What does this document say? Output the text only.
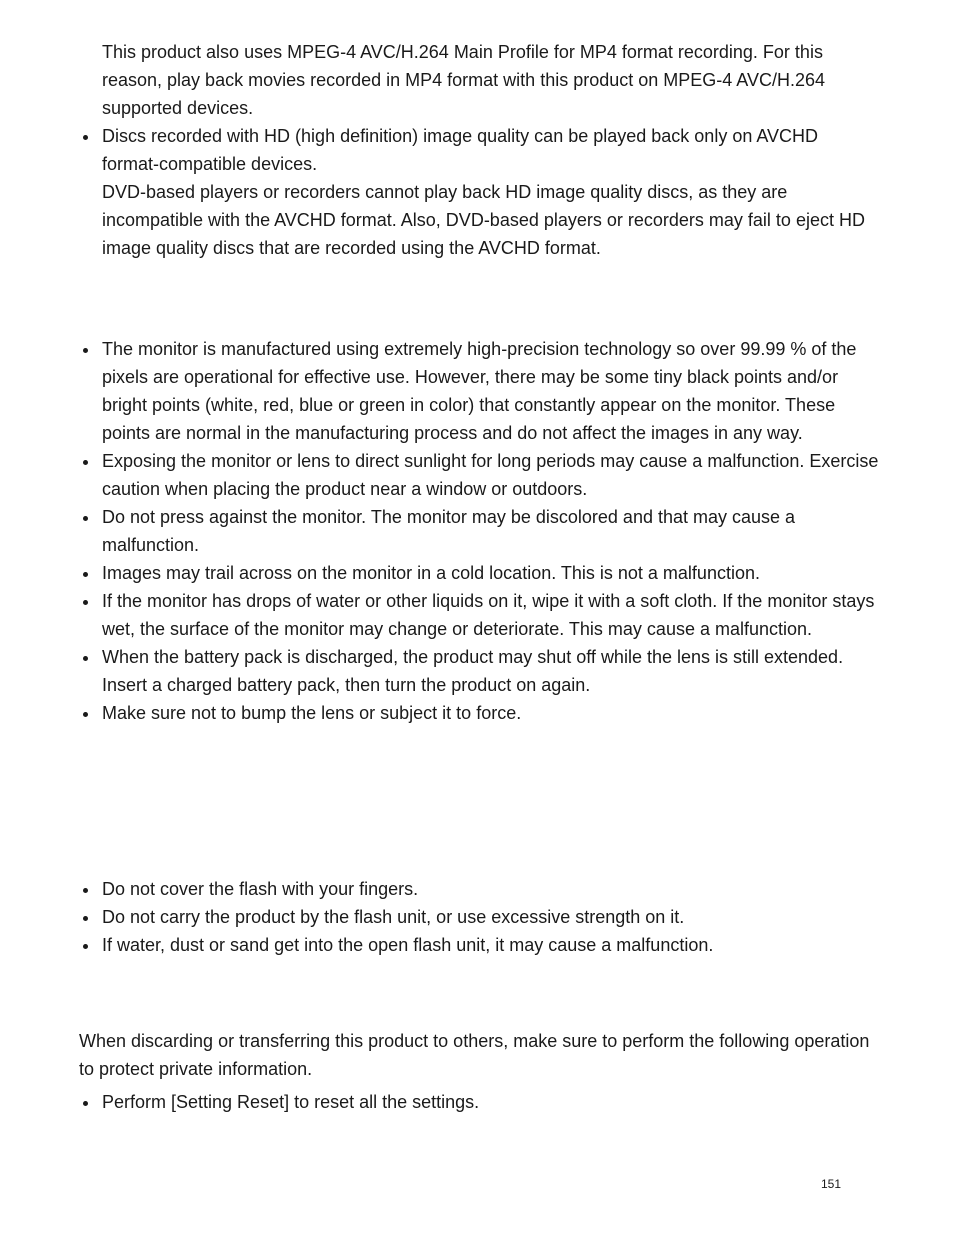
This product also uses MPEG-4 AVC/H.264 Main Profile for MP4 format recording. For this reason, play back movies recorded in MP4 format with this product on MPEG-4 AVC/H.264 supported devices.

Discs recorded with HD (high definition) image quality can be played back only on AVCHD format-compatible devices.

DVD-based players or recorders cannot play back HD image quality discs, as they are incompatible with the AVCHD format. Also, DVD-based players or recorders may fail to eject HD image quality discs that are recorded using the AVCHD format.

The monitor is manufactured using extremely high-precision technology so over 99.99 % of the pixels are operational for effective use. However, there may be some tiny black points and/or bright points (white, red, blue or green in color) that constantly appear on the monitor. These points are normal in the manufacturing process and do not affect the images in any way.

Exposing the monitor or lens to direct sunlight for long periods may cause a malfunction. Exercise caution when placing the product near a window or outdoors.

Do not press against the monitor. The monitor may be discolored and that may cause a malfunction.

Images may trail across on the monitor in a cold location. This is not a malfunction.

If the monitor has drops of water or other liquids on it, wipe it with a soft cloth. If the monitor stays wet, the surface of the monitor may change or deteriorate. This may cause a malfunction.

When the battery pack is discharged, the product may shut off while the lens is still extended. Insert a charged battery pack, then turn the product on again.

Make sure not to bump the lens or subject it to force.

Do not cover the flash with your fingers.

Do not carry the product by the flash unit, or use excessive strength on it.

If water, dust or sand get into the open flash unit, it may cause a malfunction.

When discarding or transferring this product to others, make sure to perform the following operation to protect private information.

Perform [Setting Reset] to reset all the settings.

151
